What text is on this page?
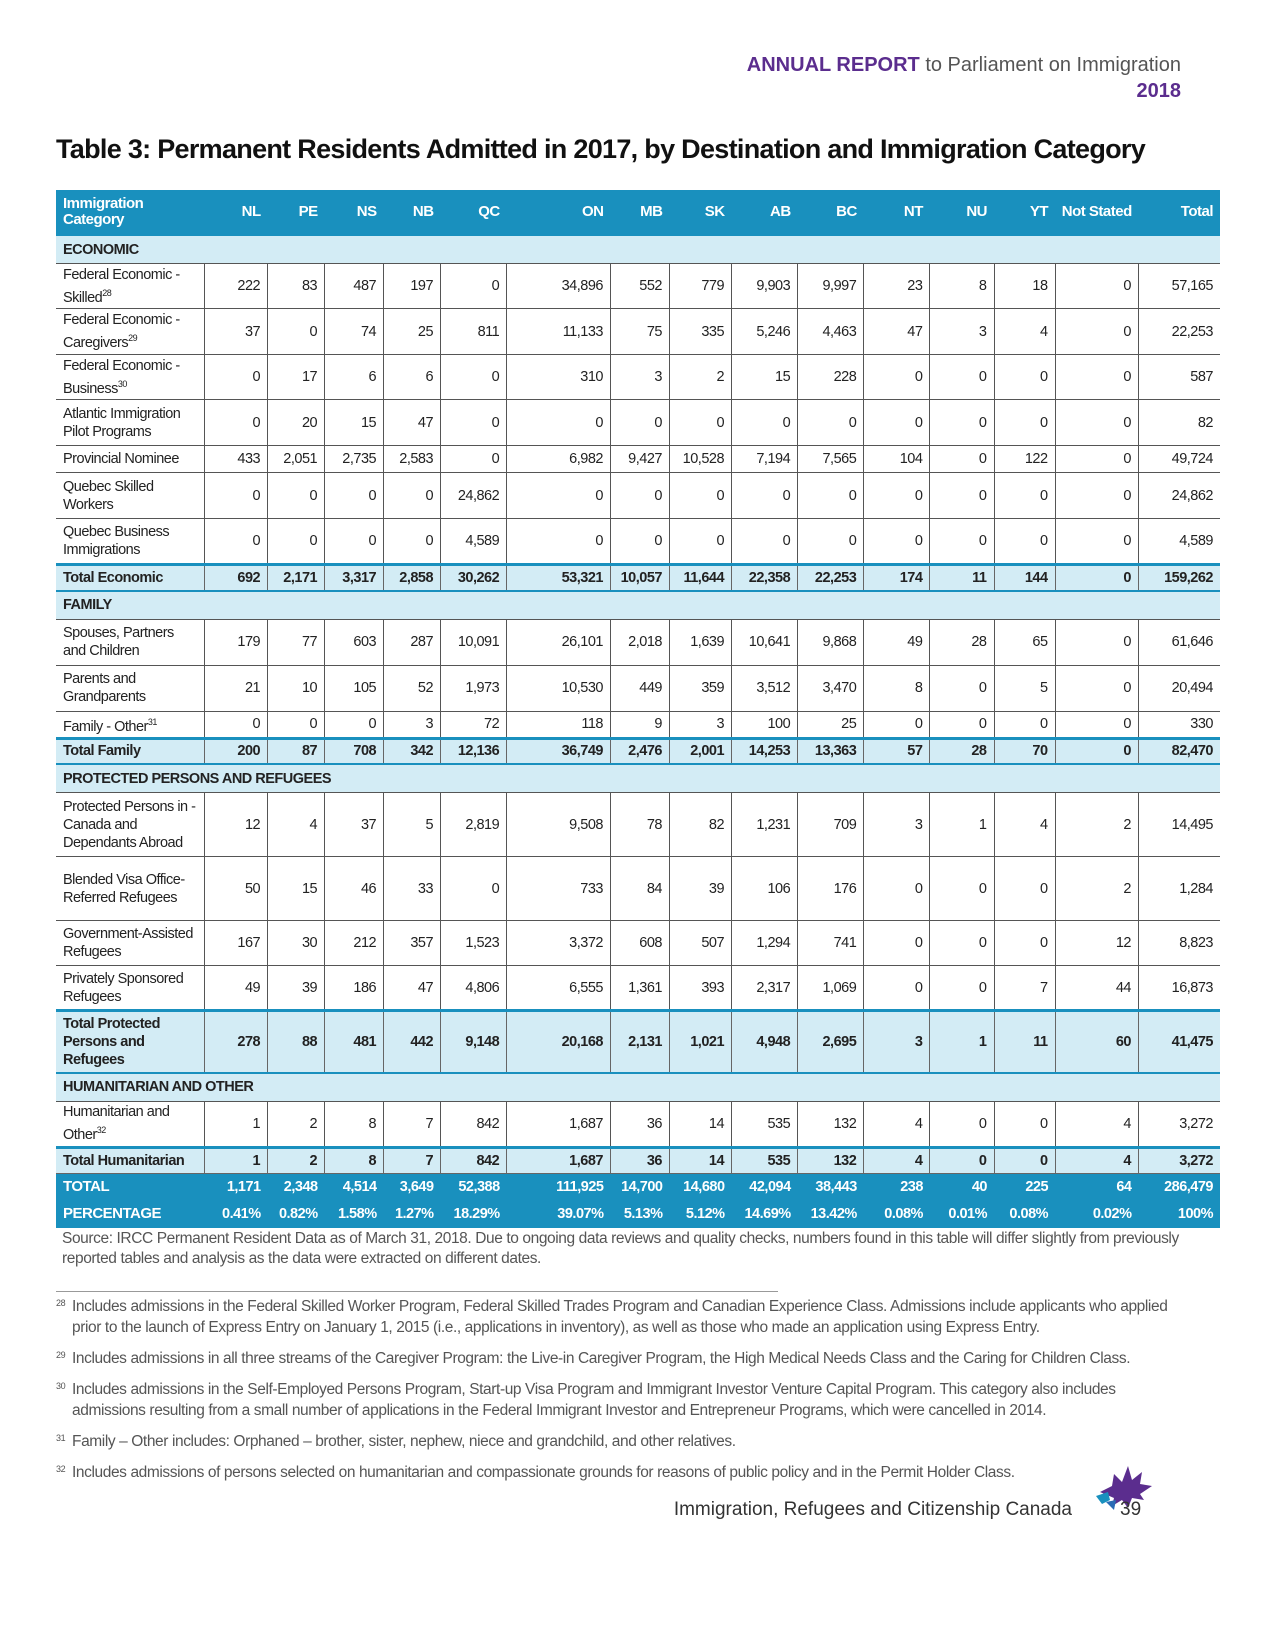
ANNUAL REPORT to Parliament on Immigration
2018
Table 3: Permanent Residents Admitted in 2017, by Destination and Immigration Category
Immigration Category	NL	PE	NS	NB	QC	ON	MB	SK	AB	BC	NT	NU	YT	Not Stated	Total
ECONOMIC															
Federal Economic - Skilled$^{28}$	222	83	487	197	0	34,896	552	779	9,903	9,997	23	8	18	0	57,165
Federal Economic - Caregivers$^{29}$	37	0	74	25	811	11,133	75	335	5,246	4,463	47	3	4	0	22,253
Federal Economic - Business$^{30}$	0	17	6	6	0	310	3	2	15	228	0	0	0	0	587
Atlantic Immigration Pilot Programs	0	20	15	47	0	0	0	0	0	0	0	0	0	0	82
Provincial Nominee	433	2,051	2,735	2,583	0	6,982	9,427	10,528	7,194	7,565	104	0	122	0	49,724
Quebec Skilled Workers	0	0	0	0	24,862	0	0	0	0	0	0	0	0	0	24,862
Quebec Business Immigrations	0	0	0	0	4,589	0	0	0	0	0	0	0	0	0	4,589
Total Economic	692	2,171	3,317	2,858	30,262	53,321	10,057	11,644	22,358	22,253	174	11	144	0	159,262
FAMILY															
Spouses, Partners and Children	179	77	603	287	10,091	26,101	2,018	1,639	10,641	9,868	49	28	65	0	61,646
Parents and Grandparents	21	10	105	52	1,973	10,530	449	359	3,512	3,470	8	0	5	0	20,494
Family - Other$^{31}$	0	0	0	3	72	118	9	3	100	25	0	0	0	0	330
Total Family	200	87	708	342	12,136	36,749	2,476	2,001	14,253	13,363	57	28	70	0	82,470
PROTECTED PERSONS AND REFUGEES															
Protected Persons in -Canada and Dependants Abroad	12	4	37	5	2,819	9,508	78	82	1,231	709	3	1	4	2	14,495
Blended Visa Office-Referred Refugees	50	15	46	33	0	733	84	39	106	176	0	0	0	2	1,284
Government-Assisted Refugees	167	30	212	357	1,523	3,372	608	507	1,294	741	0	0	0	12	8,823
Privately Sponsored Refugees	49	39	186	47	4,806	6,555	1,361	393	2,317	1,069	0	0	7	44	16,873
Total Protected Persons and Refugees	278	88	481	442	9,148	20,168	2,131	1,021	4,948	2,695	3	1	11	60	41,475
HUMANITARIAN AND OTHER															
Humanitarian and Other$^{32}$	1	2	8	7	842	1,687	36	14	535	132	4	0	0	4	3,272
Total Humanitarian	1	2	8	7	842	1,687	36	14	535	132	4	0	0	4	3,272
TOTAL	1,171	2,348	4,514	3,649	52,388	111,925	14,700	14,680	42,094	38,443	238	40	225	64	286,479
PERCENTAGE	0.41%	0.82%	1.58%	1.27%	18.29%	39.07%	5.13%	5.12%	14.69%	13.42%	0.08%	0.01%	0.08%	0.02%	100%
Source: IRCC Permanent Resident Data as of March 31, 2018. Due to ongoing data reviews and quality checks, numbers found in this table will differ slightly from previously reported tables and analysis as the data were extracted on different dates.
28 Includes admissions in the Federal Skilled Worker Program, Federal Skilled Trades Program and Canadian Experience Class. Admissions include applicants who applied prior to the launch of Express Entry on January 1, 2015 (i.e., applications in inventory), as well as those who made an application using Express Entry.
29 Includes admissions in all three streams of the Caregiver Program: the Live-in Caregiver Program, the High Medical Needs Class and the Caring for Children Class.
30 Includes admissions in the Self-Employed Persons Program, Start-up Visa Program and Immigrant Investor Venture Capital Program. This category also includes admissions resulting from a small number of applications in the Federal Immigrant Investor and Entrepreneur Programs, which were cancelled in 2014.
31 Family – Other includes: Orphaned – brother, sister, nephew, niece and grandchild, and other relatives.
32 Includes admissions of persons selected on humanitarian and compassionate grounds for reasons of public policy and in the Permit Holder Class.
Immigration, Refugees and Citizenship Canada	39
